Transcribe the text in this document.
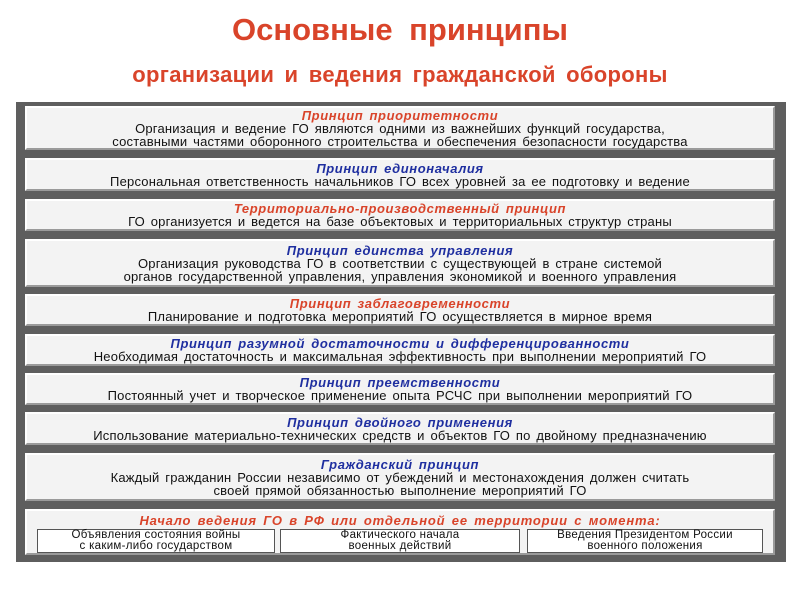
Основные принципы
организации и ведения гражданской обороны
Принцип приоритетности
Организация и ведение ГО являются одними из важнейших функций государства,
составными частями оборонного строительства и обеспечения безопасности государства
Принцип единоначалия
Персональная ответственность начальников ГО всех уровней за ее подготовку и ведение
Территориально-производственный принцип
ГО организуется и ведется на базе объектовых и территориальных структур страны
Принцип единства управления
Организация руководства ГО в соответствии с существующей в стране системой
органов государственной управления, управления экономикой и военного управления
Принцип заблаговременности
Планирование и подготовка мероприятий ГО осуществляется в мирное время
Принцип разумной достаточности и дифференцированности
Необходимая достаточность и максимальная эффективность при выполнении мероприятий ГО
Принцип преемственности
Постоянный учет и творческое применение опыта РСЧС при выполнении мероприятий ГО
Принцип двойного применения
Использование материально-технических средств и объектов ГО по двойному предназначению
Гражданский принцип
Каждый гражданин России независимо от убеждений и местонахождения должен считать
своей прямой обязанностью выполнение мероприятий ГО
Начало ведения ГО в РФ или отдельной ее территории с момента:
Объявления состояния войны
с каким-либо государством
Фактического начала
военных действий
Введения Президентом России
военного положения
